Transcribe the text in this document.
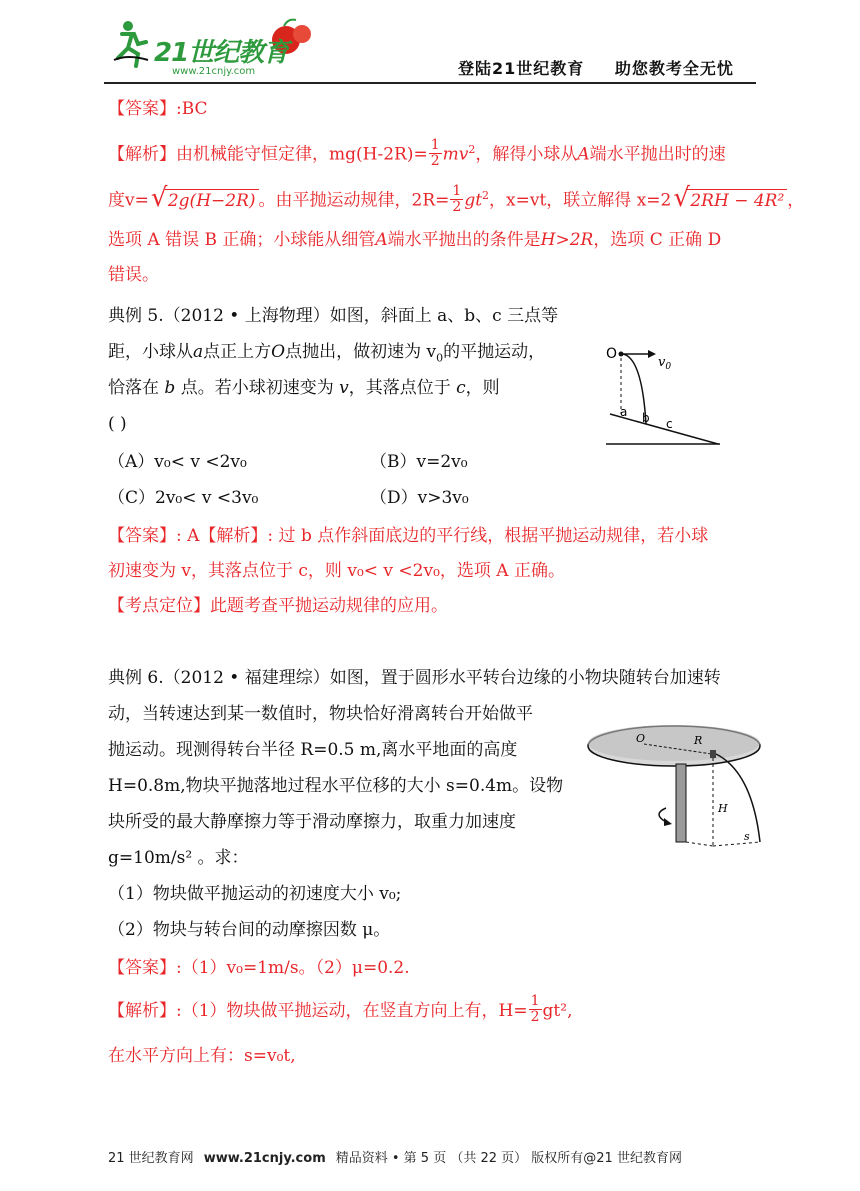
21世纪教育
www.21cnjy.com	登陆21世纪教育 助您教考全无忧
【答案】:BC
【解析】由机械能守恒定律，$mg(H-2R)= \frac{1}{2} mv^2$，解得小球从A端水平抛出时的速
度v= √ 2g(H−2R) 。由平抛运动规律，$2R= \frac{1}{2} gt^2$，x=vt，联立解得 x=2 √ 2RH − 4R² ，
选项 A 错误 B 正确；小球能从细管A端水平抛出的条件是H>2R，选项 C 正确 D
错误。
典例 5.（2012 • 上海物理）如图，斜面上 a、b、c 三点等
距，小球从a点正上方O点抛出，做初速为 $v_0$的平抛运动，
恰落在 b 点。若小球初速变为 v，其落点位于 c，则
( )
（A）v₀< v <2v₀	（B）v=2v₀
（C）2v₀< v <3v₀	（D）v>3v₀
【答案】: A【解析】: 过 b 点作斜面底边的平行线，根据平抛运动规律，若小球
初速变为 v，其落点位于 c，则 v₀< v <2v₀，选项 A 正确。
【考点定位】此题考查平抛运动规律的应用。
O
$v_0$
a b c
典例 6.（2012 • 福建理综）如图，置于圆形水平转台边缘的小物块随转台加速转
动，当转速达到某一数值时，物块恰好滑离转台开始做平
抛运动。现测得转台半径 R=0.5 m,离水平地面的高度
H=0.8m,物块平抛落地过程水平位移的大小 s=0.4m。设物
块所受的最大静摩擦力等于滑动摩擦力，取重力加速度
g=10m/s² 。求：
（1）物块做平抛运动的初速度大小 v₀;
（2）物块与转台间的动摩擦因数 μ。
【答案】:（1）v₀=1m/s。（2）μ=0.2.
【解析】:（1）物块做平抛运动，在竖直方向上有，$H= \frac{1}{2} gt^2$,
在水平方向上有：s=v₀t,
O	R
H
s
21 世纪教育网 www.21cnjy.com 精品资料 • 第 5 页 （共 22 页） 版权所有@21 世纪教育网
